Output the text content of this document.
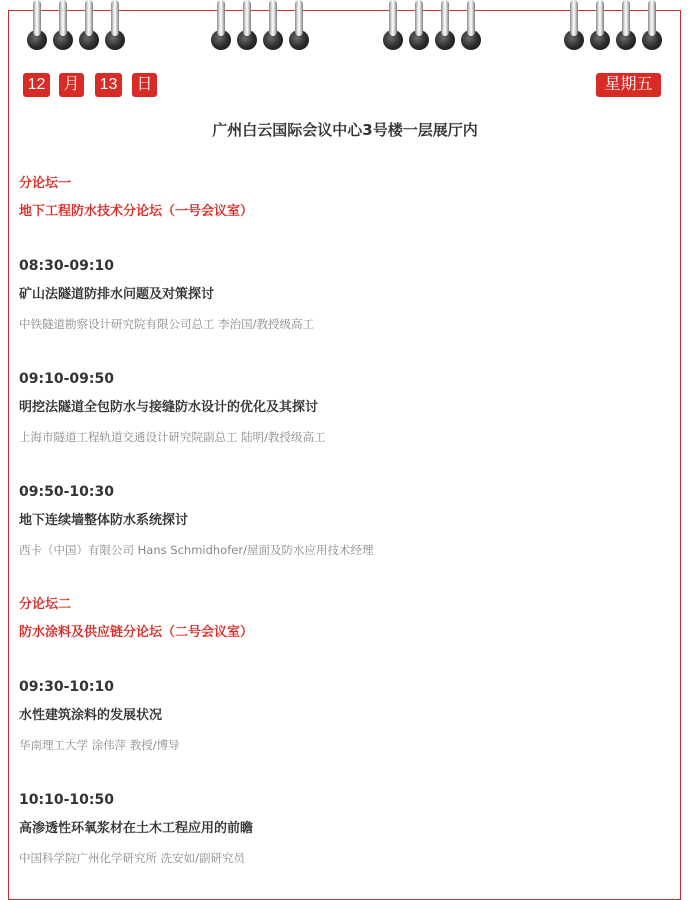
12 月 13 日	星期五
广州白云国际会议中心3号楼一层展厅内

分论坛一

地下工程防水技术分论坛（一号会议室）

08:30-09:10

矿山法隧道防排水问题及对策探讨

中铁隧道勘察设计研究院有限公司总工 李治国/教授级高工

09:10-09:50

明挖法隧道全包防水与接缝防水设计的优化及其探讨

上海市隧道工程轨道交通设计研究院副总工 陆明/教授级高工

09:50-10:30

地下连续墙整体防水系统探讨

西卡（中国）有限公司 Hans Schmidhofer/屋面及防水应用技术经理

分论坛二

防水涂料及供应链分论坛（二号会议室）

09:30-10:10

水性建筑涂料的发展状况

华南理工大学 涂伟萍 教授/博导

10:10-10:50

高渗透性环氧浆材在土木工程应用的前瞻

中国科学院广州化学研究所 冼安如/副研究员
